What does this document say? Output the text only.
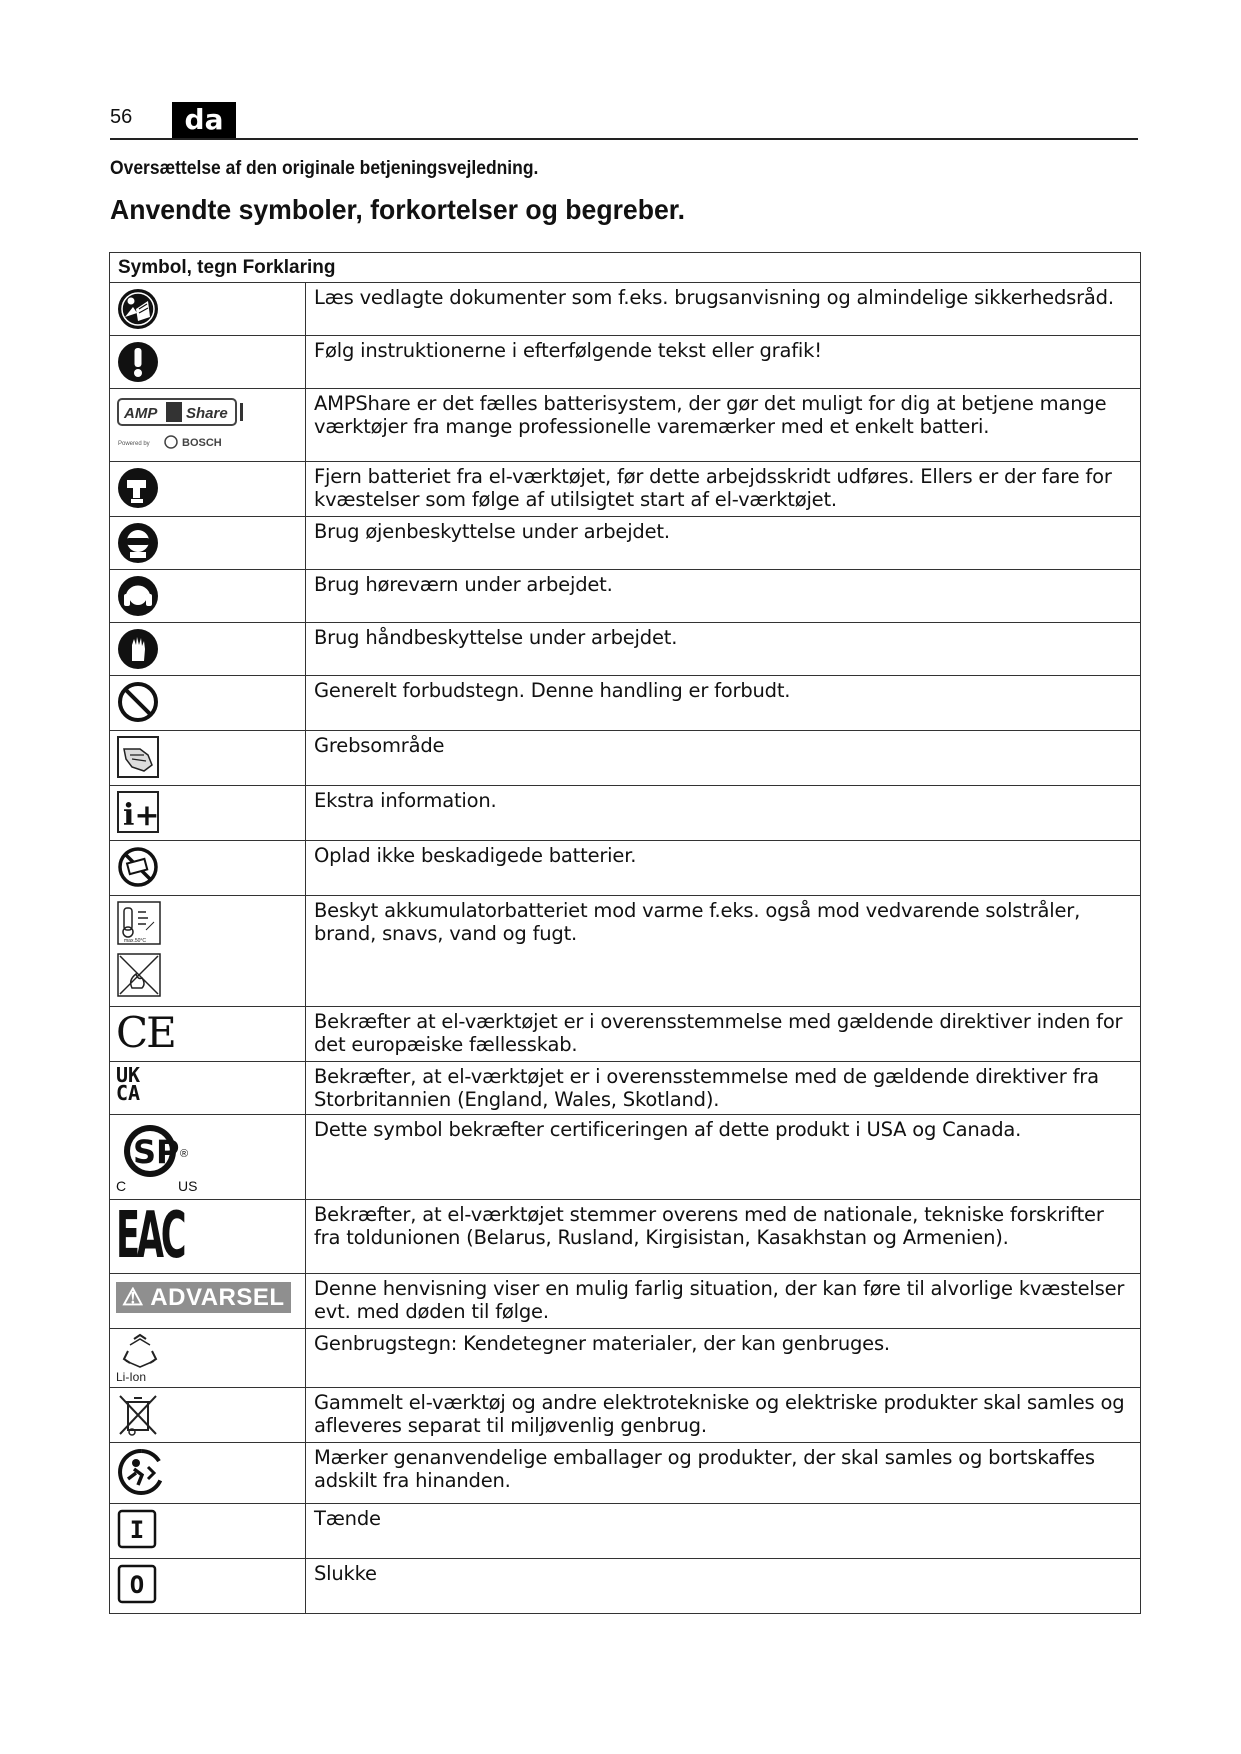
56	da
Oversættelse af den originale betjeningsvejledning.
Anvendte symboler, forkortelser og begreber.
Symbol, tegn Forklaring	

	Læs vedlagte dokumenter som f.eks. brugsanvisning og almindelige sikkerhedsråd.

	Følg instruktionerne i efterfølgende tekst eller grafik!

AMP Share
Powered by BOSCH	AMPShare er det fælles batterisystem, der gør det muligt for dig at betjene mange værktøjer fra mange professionelle varemærker med et enkelt batteri.

	Fjern batteriet fra el-værktøjet, før dette arbejdsskridt udføres. Ellers er der fare for kvæstelser som følge af utilsigtet start af el-værktøjet.

	Brug øjenbeskyttelse under arbejdet.

	Brug høreværn under arbejdet.

	Brug håndbeskyttelse under arbejdet.

	Generelt forbudstegn. Denne handling er forbudt.

	Grebsområde

i+	Ekstra information.

	Oplad ikke beskadigede batterier.

max.50°C	Beskyt akkumulatorbatteriet mod varme f.eks. også mod vedvarende solstråler, brand, snavs, vand og fugt.
CE	Bekræfter at el-værktøjet er i overensstemmelse med gældende direktiver inden for det europæiske fællesskab.

UK
CA	Bekræfter, at el-værktøjet er i overensstemmelse med de gældende direktiver fra Storbritannien (England, Wales, Skotland).

SP ®
C US	Dette symbol bekræfter certificeringen af dette produkt i USA og Canada.
EAC	Bekræfter, at el-værktøjet stemmer overens med de nationale, tekniske forskrifter fra toldunionen (Belarus, Rusland, Kirgisistan, Kasakhstan og Armenien).
⚠ ADVARSEL	Denne henvisning viser en mulig farlig situation, der kan føre til alvorlige kvæstelser evt. med døden til følge.

Li-Ion	Genbrugstegn: Kendetegner materialer, der kan genbruges.

	Gammelt el-værktøj og andre elektrotekniske og elektriske produkter skal samles og afleveres separat til miljøvenlig genbrug.

	Mærker genanvendelige emballager og produkter, der skal samles og bortskaffes adskilt fra hinanden.

I	Tænde

O	Slukke
